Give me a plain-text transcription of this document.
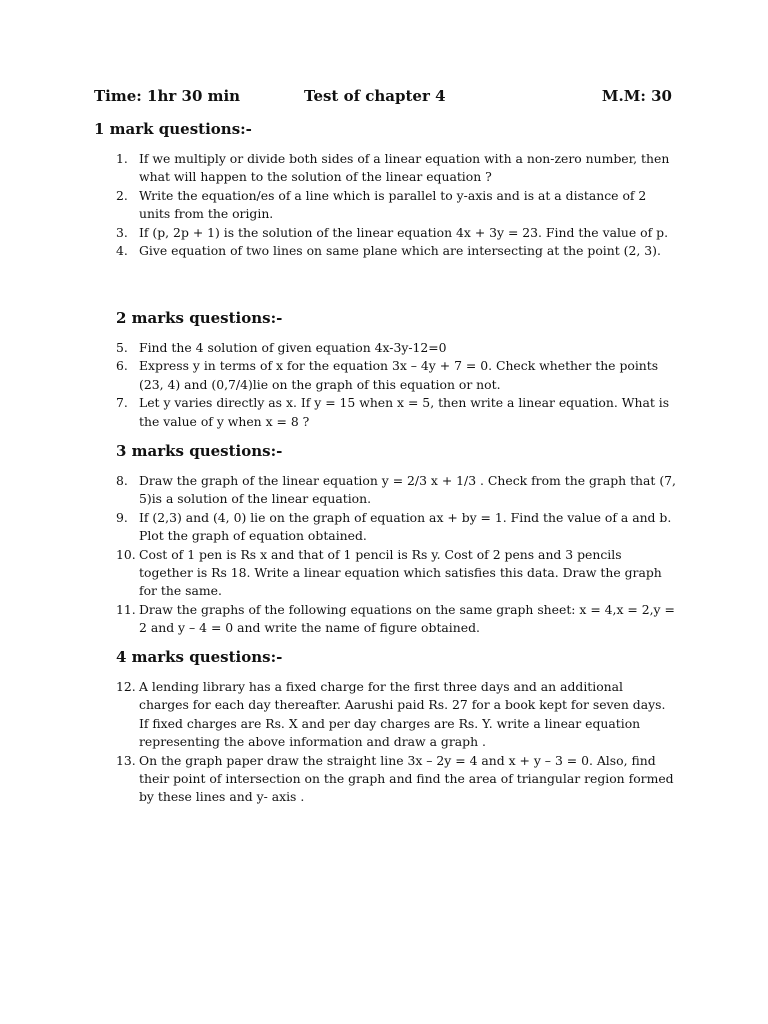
Time: 1hr 30 min	Test of chapter 4	M.M: 30
1 mark questions:-
1. If we multiply or divide both sides of a linear equation with a non-zero number, then what will happen to the solution of the linear equation ?
2. Write the equation/es of a line which is parallel to y-axis and is at a distance of 2 units from the origin.
3. If (p, 2p + 1) is the solution of the linear equation 4x + 3y = 23. Find the value of p.
4. Give equation of two lines on same plane which are intersecting at the point (2, 3).
2 marks questions:-
5. Find the 4 solution of given equation 4x-3y-12=0
6. Express y in terms of x for the equation 3x – 4y + 7 = 0. Check whether the points (23, 4) and (0,7/4)lie on the graph of this equation or not.
7. Let y varies directly as x. If y = 15 when x = 5, then write a linear equation. What is the value of y when x = 8 ?
3 marks questions:-
8. Draw the graph of the linear equation y = 2/3 x + 1/3 . Check from the graph that (7, 5)is a solution of the linear equation.
9. If (2,3) and (4, 0) lie on the graph of equation ax + by = 1. Find the value of a and b. Plot the graph of equation obtained.
10. Cost of 1 pen is Rs x and that of 1 pencil is Rs y. Cost of 2 pens and 3 pencils together is Rs 18. Write a linear equation which satisfies this data. Draw the graph for the same.
11. Draw the graphs of the following equations on the same graph sheet: x = 4,x = 2,y = 2 and y – 4 = 0 and write the name of figure obtained.
4 marks questions:-
12. A lending library has a fixed charge for the first three days and an additional charges for each day thereafter. Aarushi paid Rs. 27 for a book kept for seven days. If fixed charges are Rs. X and per day charges are Rs. Y. write a linear equation representing the above information and draw a graph .
13. On the graph paper draw the straight line 3x – 2y = 4 and x + y – 3 = 0. Also, find their point of intersection on the graph and find the area of triangular region formed by these lines and y- axis .
